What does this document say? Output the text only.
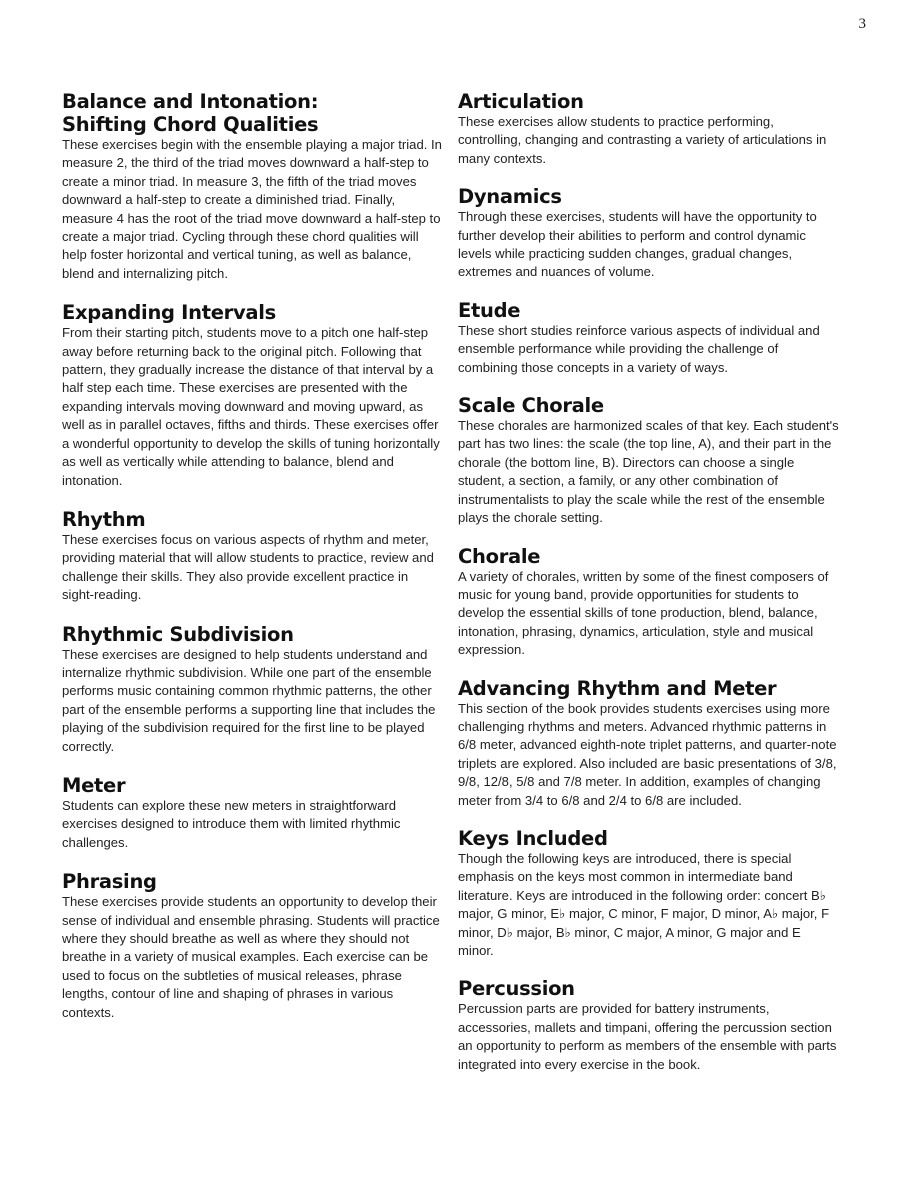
3
Balance and Intonation:
Shifting Chord Qualities

These exercises begin with the ensemble playing a major triad. In measure 2, the third of the triad moves downward a half-step to create a minor triad. In measure 3, the fifth of the triad moves downward a half-step to create a diminished triad. Finally, measure 4 has the root of the triad move downward a half-step to create a major triad. Cycling through these chord qualities will help foster horizontal and vertical tuning, as well as balance, blend and internalizing pitch.

Expanding Intervals

From their starting pitch, students move to a pitch one half-step away before returning back to the original pitch. Following that pattern, they gradually increase the distance of that interval by a half step each time. These exercises are presented with the expanding intervals moving downward and moving upward, as well as in parallel octaves, fifths and thirds. These exercises offer a wonderful opportunity to develop the skills of tuning horizontally as well as vertically while attending to balance, blend and intonation.

Rhythm

These exercises focus on various aspects of rhythm and meter, providing material that will allow students to practice, review and challenge their skills. They also provide excellent practice in sight-reading.

Rhythmic Subdivision

These exercises are designed to help students understand and internalize rhythmic subdivision. While one part of the ensemble performs music containing common rhythmic patterns, the other part of the ensemble performs a supporting line that includes the playing of the subdivision required for the first line to be played correctly.

Meter

Students can explore these new meters in straightforward exercises designed to introduce them with limited rhythmic challenges.

Phrasing

These exercises provide students an opportunity to develop their sense of individual and ensemble phrasing. Students will practice where they should breathe as well as where they should not breathe in a variety of musical examples. Each exercise can be used to focus on the subtleties of musical releases, phrase lengths, contour of line and shaping of phrases in various contexts.

Articulation

These exercises allow students to practice performing, controlling, changing and contrasting a variety of articulations in many contexts.

Dynamics

Through these exercises, students will have the opportunity to further develop their abilities to perform and control dynamic levels while practicing sudden changes, gradual changes, extremes and nuances of volume.

Etude

These short studies reinforce various aspects of individual and ensemble performance while providing the challenge of combining those concepts in a variety of ways.

Scale Chorale

These chorales are harmonized scales of that key. Each student's part has two lines: the scale (the top line, A), and their part in the chorale (the bottom line, B). Directors can choose a single student, a section, a family, or any other combination of instrumentalists to play the scale while the rest of the ensemble plays the chorale setting.

Chorale

A variety of chorales, written by some of the finest composers of music for young band, provide opportunities for students to develop the essential skills of tone production, blend, balance, intonation, phrasing, dynamics, articulation, style and musical expression.

Advancing Rhythm and Meter

This section of the book provides students exercises using more challenging rhythms and meters. Advanced rhythmic patterns in 6/8 meter, advanced eighth-note triplet patterns, and quarter-note triplets are explored. Also included are basic presentations of 3/8, 9/8, 12/8, 5/8 and 7/8 meter. In addition, examples of changing meter from 3/4 to 6/8 and 2/4 to 6/8 are included.

Keys Included

Though the following keys are introduced, there is special emphasis on the keys most common in intermediate band literature. Keys are introduced in the following order: concert B♭ major, G minor, E♭ major, C minor, F major, D minor, A♭ major, F minor, D♭ major, B♭ minor, C major, A minor, G major and E minor.

Percussion

Percussion parts are provided for battery instruments, accessories, mallets and timpani, offering the percussion section an opportunity to perform as members of the ensemble with parts integrated into every exercise in the book.
